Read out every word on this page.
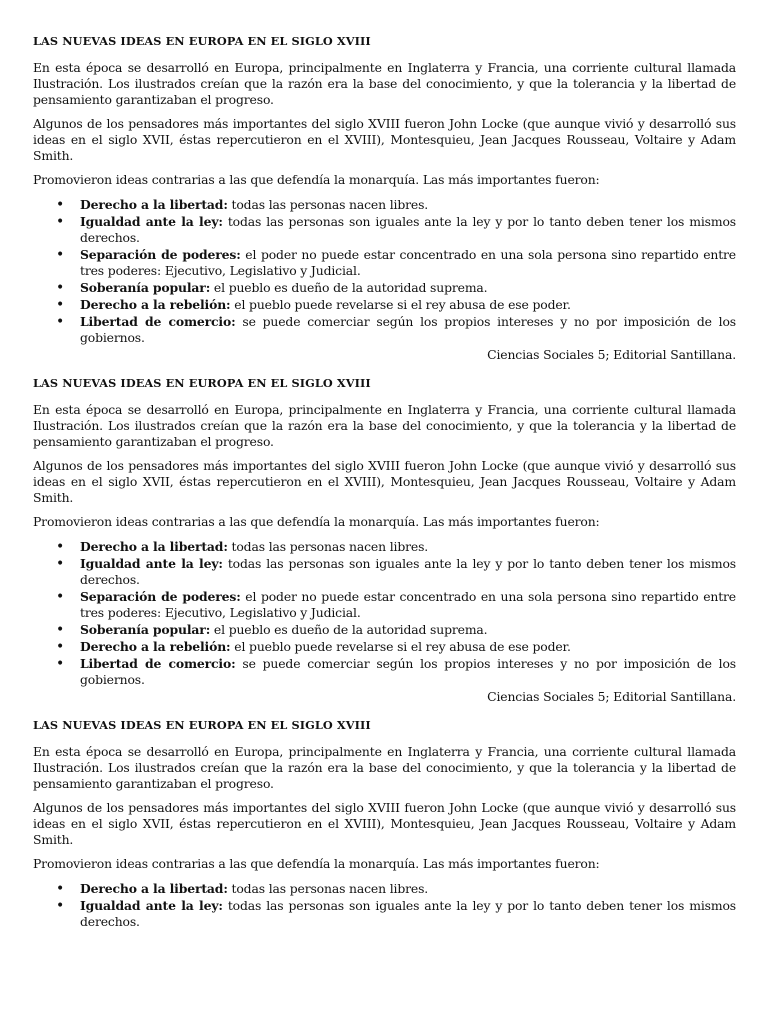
LAS NUEVAS IDEAS EN EUROPA EN EL SIGLO XVIII

En esta época se desarrolló en Europa, principalmente en Inglaterra y Francia, una corriente cultural llamada Ilustración. Los ilustrados creían que la razón era la base del conocimiento, y que la tolerancia y la libertad de pensamiento garantizaban el progreso.

Algunos de los pensadores más importantes del siglo XVIII fueron John Locke (que aunque vivió y desarrolló sus ideas en el siglo XVII, éstas repercutieron en el XVIII), Montesquieu, Jean Jacques Rousseau, Voltaire y Adam Smith.

Promovieron ideas contrarias a las que defendía la monarquía. Las más importantes fueron:

• Derecho a la libertad: todas las personas nacen libres.
• Igualdad ante la ley: todas las personas son iguales ante la ley y por lo tanto deben tener los mismos derechos.
• Separación de poderes: el poder no puede estar concentrado en una sola persona sino repartido entre tres poderes: Ejecutivo, Legislativo y Judicial.
• Soberanía popular: el pueblo es dueño de la autoridad suprema.
• Derecho a la rebelión: el pueblo puede revelarse si el rey abusa de ese poder.
• Libertad de comercio: se puede comerciar según los propios intereses y no por imposición de los gobiernos.
Ciencias Sociales 5; Editorial Santillana.
LAS NUEVAS IDEAS EN EUROPA EN EL SIGLO XVIII

En esta época se desarrolló en Europa, principalmente en Inglaterra y Francia, una corriente cultural llamada Ilustración. Los ilustrados creían que la razón era la base del conocimiento, y que la tolerancia y la libertad de pensamiento garantizaban el progreso.

Algunos de los pensadores más importantes del siglo XVIII fueron John Locke (que aunque vivió y desarrolló sus ideas en el siglo XVII, éstas repercutieron en el XVIII), Montesquieu, Jean Jacques Rousseau, Voltaire y Adam Smith.

Promovieron ideas contrarias a las que defendía la monarquía. Las más importantes fueron:

• Derecho a la libertad: todas las personas nacen libres.
• Igualdad ante la ley: todas las personas son iguales ante la ley y por lo tanto deben tener los mismos derechos.
• Separación de poderes: el poder no puede estar concentrado en una sola persona sino repartido entre tres poderes: Ejecutivo, Legislativo y Judicial.
• Soberanía popular: el pueblo es dueño de la autoridad suprema.
• Derecho a la rebelión: el pueblo puede revelarse si el rey abusa de ese poder.
• Libertad de comercio: se puede comerciar según los propios intereses y no por imposición de los gobiernos.
Ciencias Sociales 5; Editorial Santillana.
LAS NUEVAS IDEAS EN EUROPA EN EL SIGLO XVIII

En esta época se desarrolló en Europa, principalmente en Inglaterra y Francia, una corriente cultural llamada Ilustración. Los ilustrados creían que la razón era la base del conocimiento, y que la tolerancia y la libertad de pensamiento garantizaban el progreso.

Algunos de los pensadores más importantes del siglo XVIII fueron John Locke (que aunque vivió y desarrolló sus ideas en el siglo XVII, éstas repercutieron en el XVIII), Montesquieu, Jean Jacques Rousseau, Voltaire y Adam Smith.

Promovieron ideas contrarias a las que defendía la monarquía. Las más importantes fueron:

• Derecho a la libertad: todas las personas nacen libres.
• Igualdad ante la ley: todas las personas son iguales ante la ley y por lo tanto deben tener los mismos derechos.
